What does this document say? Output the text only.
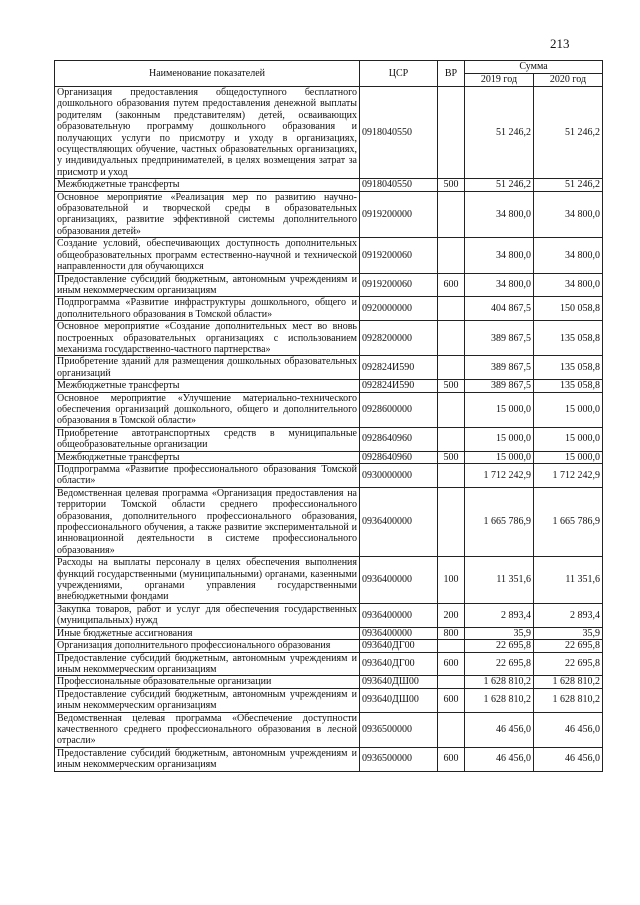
213
Наименование показателей	ЦСР	ВР	Сумма	
			2019 год	2020 год
Организация предоставления общедоступного бесплатного дошкольного образования путем предоставления денежной выплаты родителям (законным представителям) детей, осваивающих образовательную программу дошкольного образования и получающих услуги по присмотру и уходу в организациях, осуществляющих обучение, частных образовательных организациях, у индивидуальных предпринимателей, в целях возмещения затрат за присмотр и уход	0918040550		51 246,2	51 246,2
Межбюджетные трансферты	0918040550	500	51 246,2	51 246,2
Основное мероприятие «Реализация мер по развитию научно-образовательной и творческой среды в образовательных организациях, развитие эффективной системы дополнительного образования детей»	0919200000		34 800,0	34 800,0
Создание условий, обеспечивающих доступность дополнительных общеобразовательных программ естественно-научной и технической направленности для обучающихся	0919200060		34 800,0	34 800,0
Предоставление субсидий бюджетным, автономным учреждениям и иным некоммерческим организациям	0919200060	600	34 800,0	34 800,0
Подпрограмма «Развитие инфраструктуры дошкольного, общего и дополнительного образования в Томской области»	0920000000		404 867,5	150 058,8
Основное мероприятие «Создание дополнительных мест во вновь построенных образовательных организациях с использованием механизма государственно-частного партнерства»	0928200000		389 867,5	135 058,8
Приобретение зданий для размещения дошкольных образовательных организаций	092824И590		389 867,5	135 058,8
Межбюджетные трансферты	092824И590	500	389 867,5	135 058,8
Основное мероприятие «Улучшение материально-технического обеспечения организаций дошкольного, общего и дополнительного образования в Томской области»	0928600000		15 000,0	15 000,0
Приобретение автотранспортных средств в муниципальные общеобразовательные организации	0928640960		15 000,0	15 000,0
Межбюджетные трансферты	0928640960	500	15 000,0	15 000,0
Подпрограмма «Развитие профессионального образования Томской области»	0930000000		1 712 242,9	1 712 242,9
Ведомственная целевая программа «Организация предоставления на территории Томской области среднего профессионального образования, дополнительного профессионального образования, профессионального обучения, а также развитие экспериментальной и инновационной деятельности в системе профессионального образования»	0936400000		1 665 786,9	1 665 786,9
Расходы на выплаты персоналу в целях обеспечения выполнения функций государственными (муниципальными) органами, казенными учреждениями, органами управления государственными внебюджетными фондами	0936400000	100	11 351,6	11 351,6
Закупка товаров, работ и услуг для обеспечения государственных (муниципальных) нужд	0936400000	200	2 893,4	2 893,4
Иные бюджетные ассигнования	0936400000	800	35,9	35,9
Организация дополнительного профессионального образования	093640ДГ00		22 695,8	22 695,8
Предоставление субсидий бюджетным, автономным учреждениям и иным некоммерческим организациям	093640ДГ00	600	22 695,8	22 695,8
Профессиональные образовательные организации	093640ДШ00		1 628 810,2	1 628 810,2
Предоставление субсидий бюджетным, автономным учреждениям и иным некоммерческим организациям	093640ДШ00	600	1 628 810,2	1 628 810,2
Ведомственная целевая программа «Обеспечение доступности качественного среднего профессионального образования в лесной отрасли»	0936500000		46 456,0	46 456,0
Предоставление субсидий бюджетным, автономным учреждениям и иным некоммерческим организациям	0936500000	600	46 456,0	46 456,0
